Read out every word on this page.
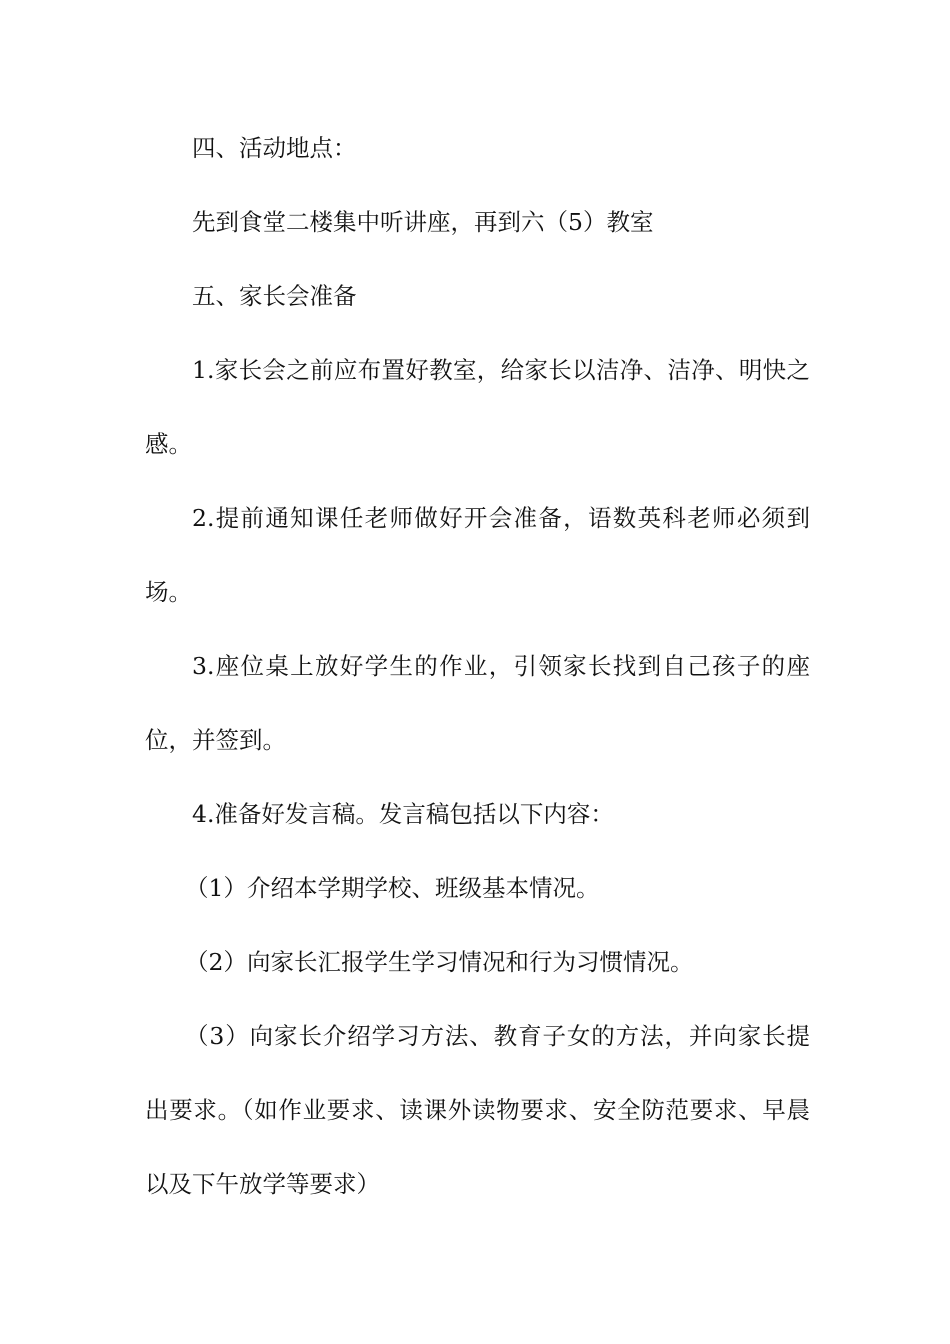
四、活动地点：

先到食堂二楼集中听讲座，再到六（5）教室

五、家长会准备

1.家长会之前应布置好教室，给家长以洁净、洁净、明快之感。

2.提前通知课任老师做好开会准备，语数英科老师必须到场。

3.座位桌上放好学生的作业，引领家长找到自己孩子的座位，并签到。

4.准备好发言稿。发言稿包括以下内容：

（1）介绍本学期学校、班级基本情况。

（2）向家长汇报学生学习情况和行为习惯情况。

（3）向家长介绍学习方法、教育子女的方法，并向家长提出要求。（如作业要求、读课外读物要求、安全防范要求、早晨以及下午放学等要求）
